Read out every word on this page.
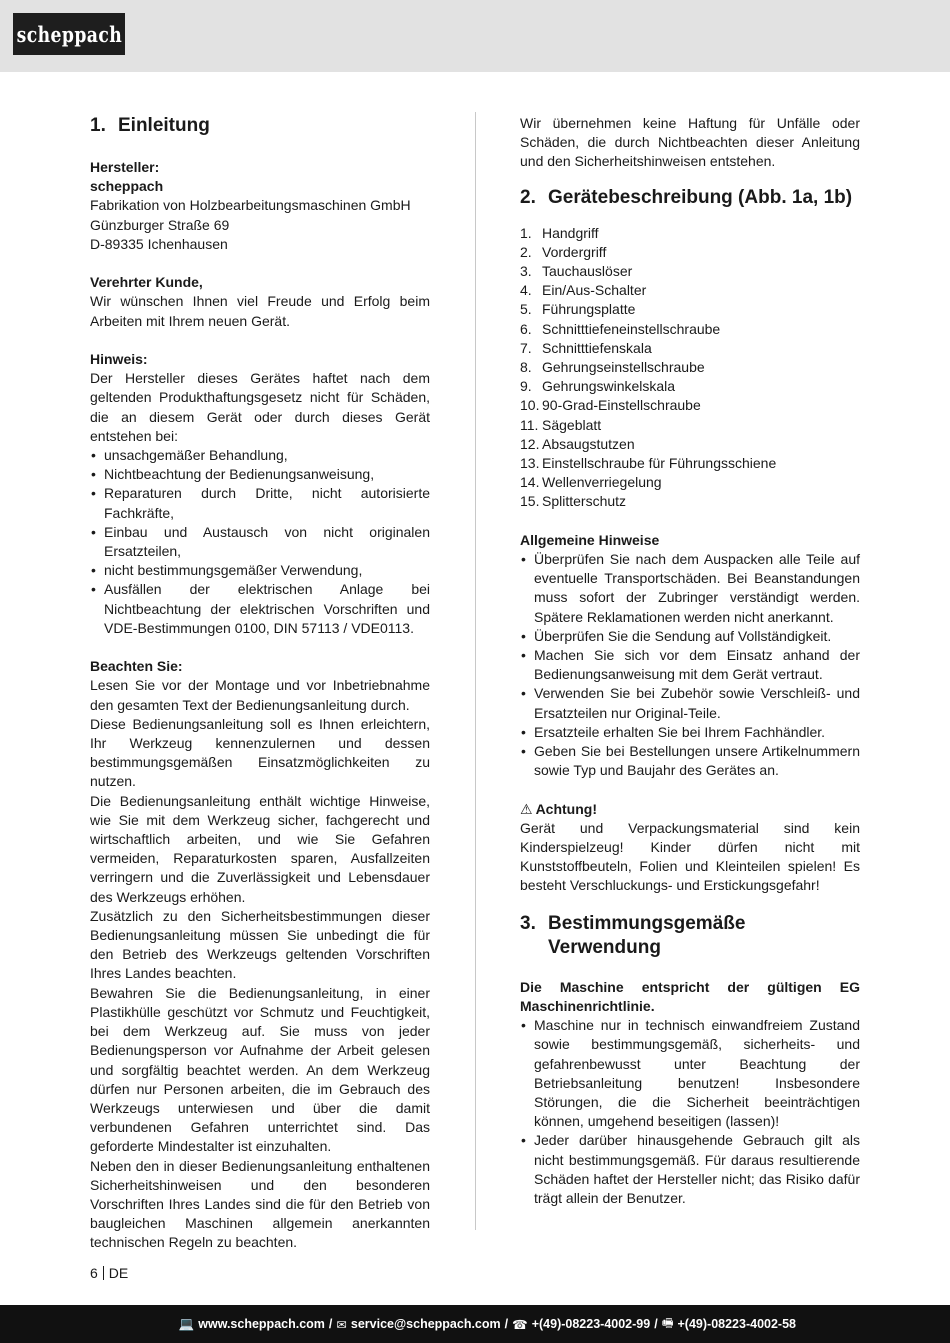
scheppach
1. Einleitung

Hersteller:

scheppach

Fabrikation von Holzbearbeitungsmaschinen GmbH

Günzburger Straße 69

D-89335 Ichenhausen

Verehrter Kunde,

Wir wünschen Ihnen viel Freude und Erfolg beim Arbeiten mit Ihrem neuen Gerät.

Hinweis:

Der Hersteller dieses Gerätes haftet nach dem geltenden Produkthaftungsgesetz nicht für Schäden, die an diesem Gerät oder durch dieses Gerät entstehen bei:

• unsachgemäßer Behandlung,
• Nichtbeachtung der Bedienungsanweisung,
• Reparaturen durch Dritte, nicht autorisierte Fachkräfte,
• Einbau und Austausch von nicht originalen Ersatzteilen,
• nicht bestimmungsgemäßer Verwendung,
• Ausfällen der elektrischen Anlage bei Nichtbeachtung der elektrischen Vorschriften und VDE-Bestimmungen 0100, DIN 57113 / VDE0113.

Beachten Sie:

Lesen Sie vor der Montage und vor Inbetriebnahme den gesamten Text der Bedienungsanleitung durch.

Diese Bedienungsanleitung soll es Ihnen erleichtern, Ihr Werkzeug kennenzulernen und dessen bestimmungsgemäßen Einsatzmöglichkeiten zu nutzen.

Die Bedienungsanleitung enthält wichtige Hinweise, wie Sie mit dem Werkzeug sicher, fachgerecht und wirtschaftlich arbeiten, und wie Sie Gefahren vermeiden, Reparaturkosten sparen, Ausfallzeiten verringern und die Zuverlässigkeit und Lebensdauer des Werkzeugs erhöhen.

Zusätzlich zu den Sicherheitsbestimmungen dieser Bedienungsanleitung müssen Sie unbedingt die für den Betrieb des Werkzeugs geltenden Vorschriften Ihres Landes beachten.

Bewahren Sie die Bedienungsanleitung, in einer Plastikhülle geschützt vor Schmutz und Feuchtigkeit, bei dem Werkzeug auf. Sie muss von jeder Bedienungsperson vor Aufnahme der Arbeit gelesen und sorgfältig beachtet werden. An dem Werkzeug dürfen nur Personen arbeiten, die im Gebrauch des Werkzeugs unterwiesen und über die damit verbundenen Gefahren unterrichtet sind. Das geforderte Mindestalter ist einzuhalten.

Neben den in dieser Bedienungsanleitung enthaltenen Sicherheitshinweisen und den besonderen Vorschriften Ihres Landes sind die für den Betrieb von baugleichen Maschinen allgemein anerkannten technischen Regeln zu beachten.

Wir übernehmen keine Haftung für Unfälle oder Schäden, die durch Nichtbeachten dieser Anleitung und den Sicherheitshinweisen entstehen.

2. Gerätebeschreibung (Abb. 1a, 1b)
1. Handgriff
2. Vordergriff
3. Tauchauslöser
4. Ein/Aus-Schalter
5. Führungsplatte
6. Schnitttiefeneinstellschraube
7. Schnitttiefenskala
8. Gehrungseinstellschraube
9. Gehrungswinkelskala
10. 90-Grad-Einstellschraube
11. Sägeblatt
12. Absaugstutzen
13. Einstellschraube für Führungsschiene
14. Wellenverriegelung
15. Splitterschutz

Allgemeine Hinweise

• Überprüfen Sie nach dem Auspacken alle Teile auf eventuelle Transportschäden. Bei Beanstandungen muss sofort der Zubringer verständigt werden. Spätere Reklamationen werden nicht anerkannt.
• Überprüfen Sie die Sendung auf Vollständigkeit.
• Machen Sie sich vor dem Einsatz anhand der Bedienungsanweisung mit dem Gerät vertraut.
• Verwenden Sie bei Zubehör sowie Verschleiß- und Ersatzteilen nur Original-Teile.
• Ersatzteile erhalten Sie bei Ihrem Fachhändler.
• Geben Sie bei Bestellungen unsere Artikelnummern sowie Typ und Baujahr des Gerätes an.

⚠ Achtung!

Gerät und Verpackungsmaterial sind kein Kinderspielzeug! Kinder dürfen nicht mit Kunststoffbeuteln, Folien und Kleinteilen spielen! Es besteht Verschluckungs- und Erstickungsgefahr!

3. Bestimmungsgemäße Verwendung

Die Maschine entspricht der gültigen EG Maschinenrichtlinie.

• Maschine nur in technisch einwandfreiem Zustand sowie bestimmungsgemäß, sicherheits- und gefahrenbewusst unter Beachtung der Betriebsanleitung benutzen! Insbesondere Störungen, die die Sicherheit beeinträchtigen können, umgehend beseitigen (lassen)!
• Jeder darüber hinausgehende Gebrauch gilt als nicht bestimmungsgemäß. Für daraus resultierende Schäden haftet der Hersteller nicht; das Risiko dafür trägt allein der Benutzer.
6 DE
💻 www.scheppach.com / ✉ service@scheppach.com / ☎ +(49)-08223-4002-99 / 🖷 +(49)-08223-4002-58
